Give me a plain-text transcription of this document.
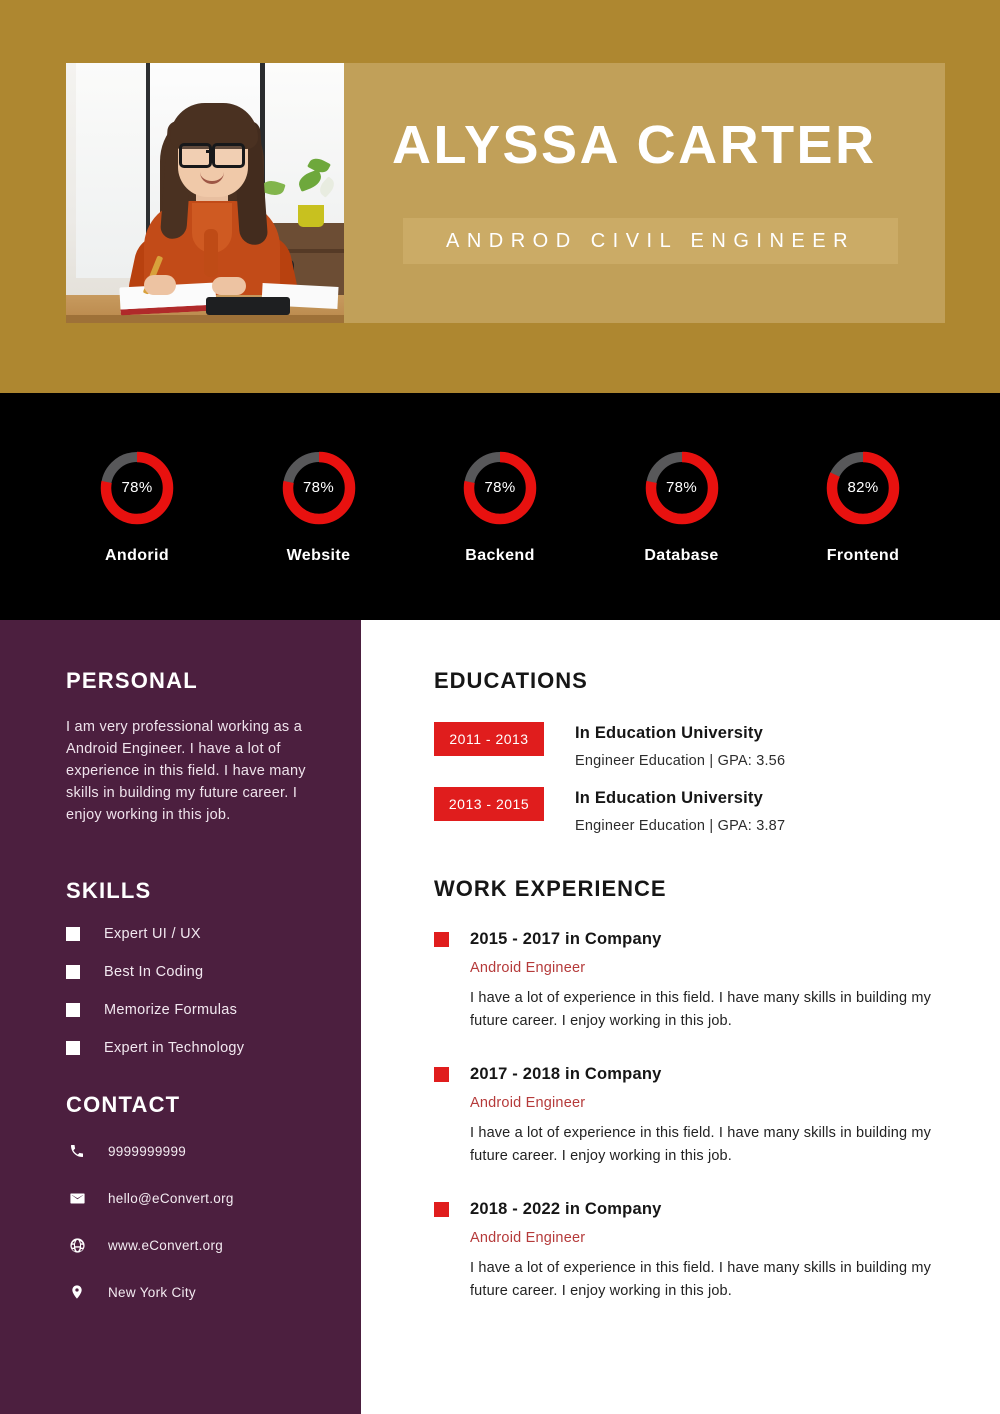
ALYSSA CARTER
ANDROD CIVIL ENGINEER
78%
Andorid
78%
Website
78%
Backend
78%
Database
82%
Frontend
PERSONAL

I am very professional working as a Android Engineer. I have a lot of experience in this field. I have many skills in building my future career. I enjoy working in this job.

SKILLS
Expert UI / UX
Best In Coding
Memorize Formulas
Expert in Technology
CONTACT
9999999999
hello@eConvert.org
www.eConvert.org
New York City
EDUCATIONS
2011 - 2013	In Education University
Engineer Education | GPA: 3.56
2013 - 2015	In Education University
Engineer Education | GPA: 3.87
WORK EXPERIENCE
2015 - 2017 in Company
Android Engineer
I have a lot of experience in this field. I have many skills in building my future career. I enjoy working in this job.
2017 - 2018 in Company
Android Engineer
I have a lot of experience in this field. I have many skills in building my future career. I enjoy working in this job.
2018 - 2022 in Company
Android Engineer
I have a lot of experience in this field. I have many skills in building my future career. I enjoy working in this job.
